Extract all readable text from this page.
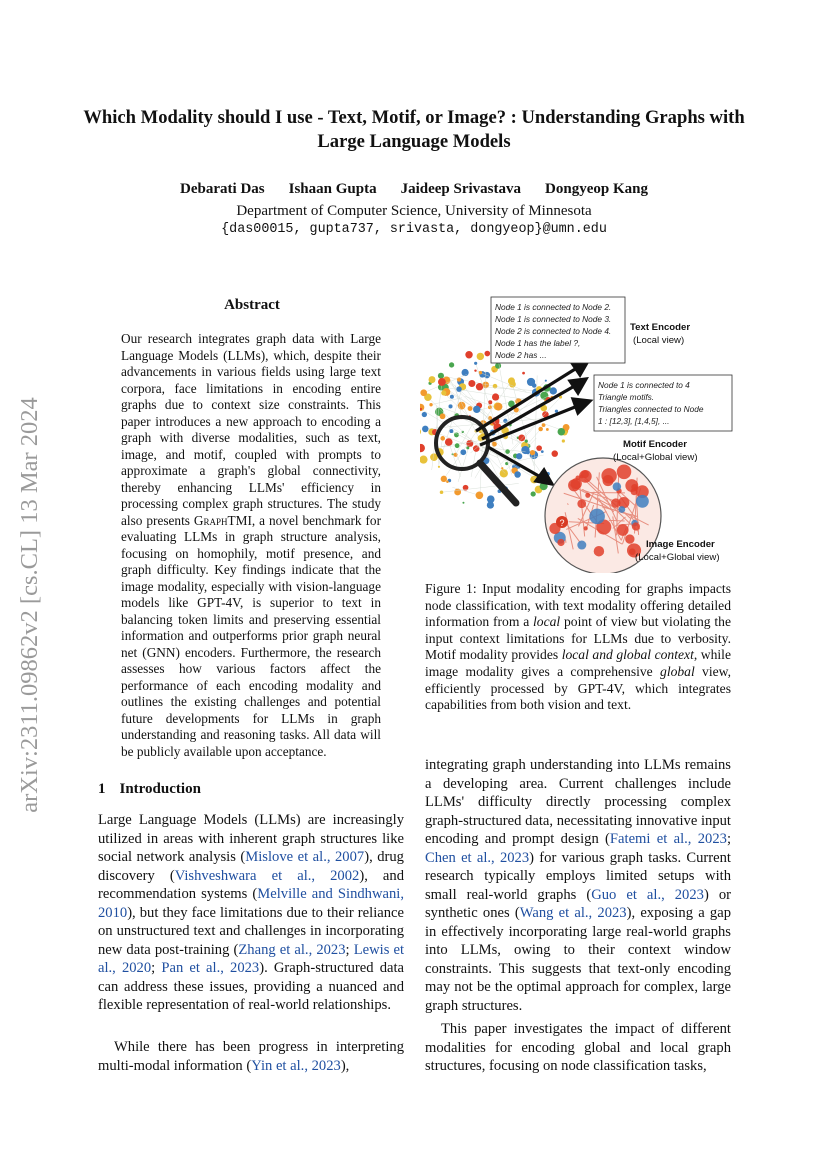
arXiv:2311.09862v2 [cs.CL] 13 Mar 2024
Which Modality should I use - Text, Motif, or Image? : Understanding Graphs with Large Language Models
Debarati Das Ishaan Gupta Jaideep Srivastava Dongyeop Kang
Department of Computer Science, University of Minnesota
{das00015, gupta737, srivasta, dongyeop}@umn.edu
Abstract
Our research integrates graph data with Large Language Models (LLMs), which, despite their advancements in various fields using large text corpora, face limitations in encoding entire graphs due to context size constraints. This paper introduces a new approach to encoding a graph with diverse modalities, such as text, image, and motif, coupled with prompts to approximate a graph's global connectivity, thereby enhancing LLMs' efficiency in processing complex graph structures. The study also presents GraphTMI, a novel benchmark for evaluating LLMs in graph structure analysis, focusing on homophily, motif presence, and graph difficulty. Key findings indicate that the image modality, especially with vision-language models like GPT-4V, is superior to text in balancing token limits and preserving essential information and outperforms prior graph neural net (GNN) encoders. Furthermore, the research assesses how various factors affect the performance of each encoding modality and outlines the existing challenges and potential future developments for LLMs in graph understanding and reasoning tasks. All data will be publicly available upon acceptance.
1 Introduction
Large Language Models (LLMs) are increasingly utilized in areas with inherent graph structures like social network analysis (Mislove et al., 2007), drug discovery (Vishveshwara et al., 2002), and recommendation systems (Melville and Sindhwani, 2010), but they face limitations due to their reliance on unstructured text and challenges in incorporating new data post-training (Zhang et al., 2023; Lewis et al., 2020; Pan et al., 2023). Graph-structured data can address these issues, providing a nuanced and flexible representation of real-world relationships.
While there has been progress in interpreting multi-modal information (Yin et al., 2023),
integrating graph understanding into LLMs remains a developing area. Current challenges include LLMs' difficulty directly processing complex graph-structured data, necessitating innovative input encoding and prompt design (Fatemi et al., 2023; Chen et al., 2023) for various graph tasks. Current research typically employs limited setups with small real-world graphs (Guo et al., 2023) or synthetic ones (Wang et al., 2023), exposing a gap in effectively incorporating large real-world graphs into LLMs, owing to their context window constraints. This suggests that text-only encoding may not be the optimal approach for complex, large graph structures.
This paper investigates the impact of different modalities for encoding global and local graph structures, focusing on node classification tasks,
?
Node 1 is connected to Node 2.
Node 1 is connected to Node 3.
Node 2 is connected to Node 4.
Node 1 has the label ?,
Node 2 has ...
Text Encoder
(Local view)
Node 1 is connected to 4
Triangle motifs.
Triangles connected to Node
1 : [12,3], [1,4,5], ...
Motif Encoder
(Local+Global view)
Image Encoder
(Local+Global view)
Figure 1: Input modality encoding for graphs impacts node classification, with text modality offering detailed information from a local point of view but violating the input context limitations for LLMs due to verbosity. Motif modality provides local and global context, while image modality gives a comprehensive global view, efficiently processed by GPT-4V, which integrates capabilities from both vision and text.
